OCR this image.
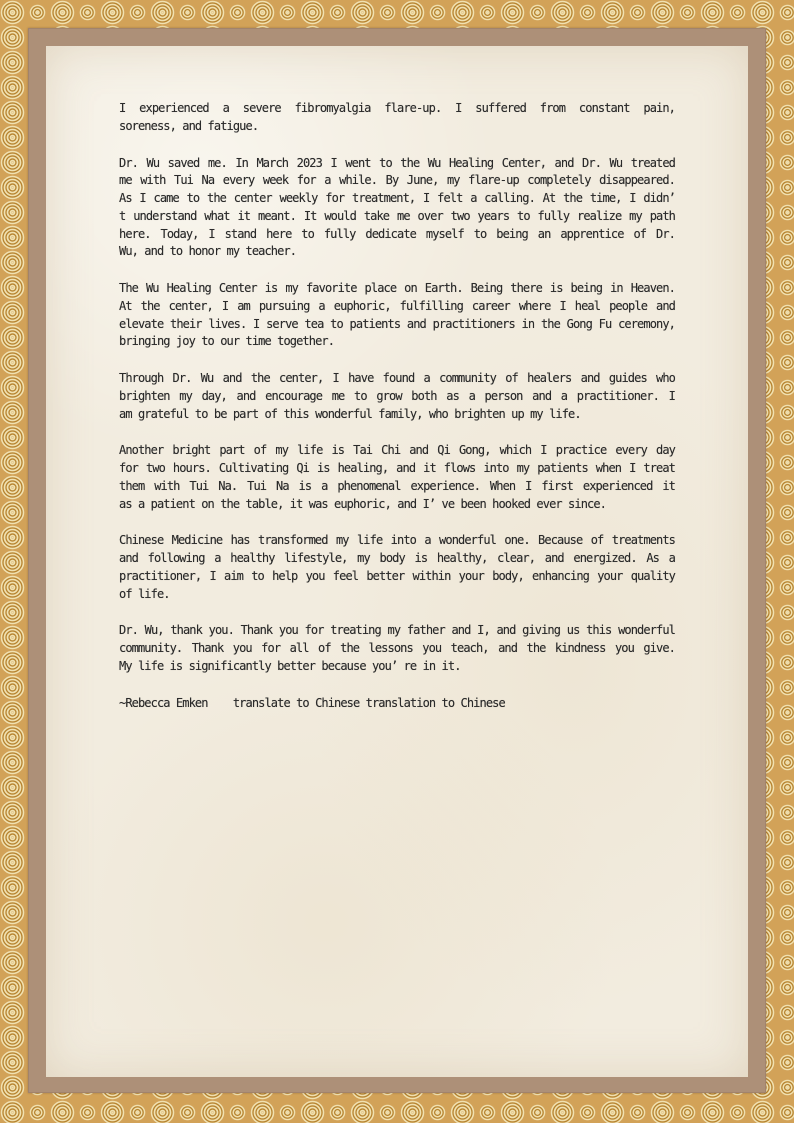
I experienced a severe fibromyalgia flare-up. I suffered from constant pain,
soreness, and fatigue.
Dr. Wu saved me. In March 2023 I went to the Wu Healing Center, and Dr. Wu treated
me with Tui Na every week for a while. By June, my flare-up completely disappeared.
As I came to the center weekly for treatment, I felt a calling. At the time, I didn’
t understand what it meant. It would take me over two years to fully realize my path
here. Today, I stand here to fully dedicate myself to being an apprentice of Dr.
Wu, and to honor my teacher.
The Wu Healing Center is my favorite place on Earth. Being there is being in Heaven.
At the center, I am pursuing a euphoric, fulfilling career where I heal people and
elevate their lives. I serve tea to patients and practitioners in the Gong Fu ceremony,
bringing joy to our time together.
Through Dr. Wu and the center, I have found a community of healers and guides who
brighten my day, and encourage me to grow both as a person and a practitioner. I
am grateful to be part of this wonderful family, who brighten up my life.
Another bright part of my life is Tai Chi and Qi Gong, which I practice every day
for two hours. Cultivating Qi is healing, and it flows into my patients when I treat
them with Tui Na. Tui Na is a phenomenal experience. When I first experienced it
as a patient on the table, it was euphoric, and I’ ve been hooked ever since.
Chinese Medicine has transformed my life into a wonderful one. Because of treatments
and following a healthy lifestyle, my body is healthy, clear, and energized. As a
practitioner, I aim to help you feel better within your body, enhancing your quality
of life.
Dr. Wu, thank you. Thank you for treating my father and I, and giving us this wonderful
community. Thank you for all of the lessons you teach, and the kindness you give.
My life is significantly better because you’ re in it.
~Rebecca Emken    translate to Chinese translation to Chinese
